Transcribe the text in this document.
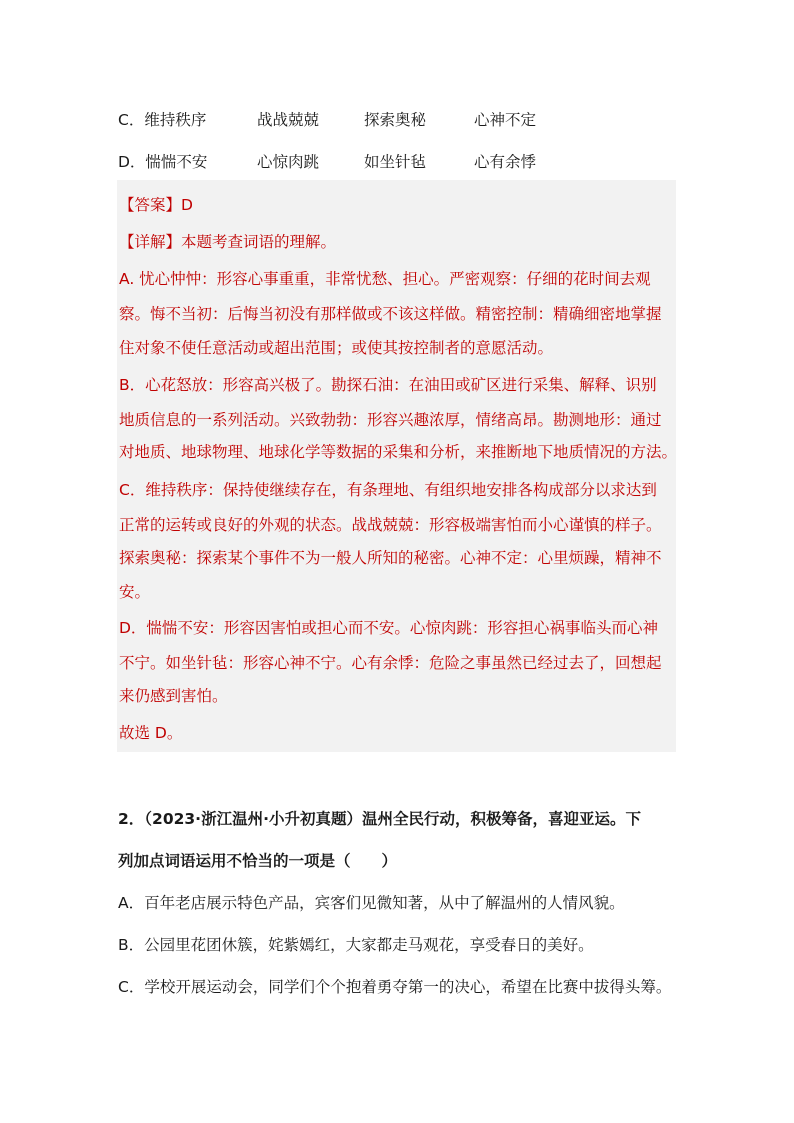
C．维持秩序	战战兢兢	探索奥秘	心神不定
D．惴惴不安	心惊肉跳	如坐针毡	心有余悸
【答案】D
【详解】本题考查词语的理解。
A. 忧心忡忡：形容心事重重，非常忧愁、担心。严密观察：仔细的花时间去观
察。悔不当初：后悔当初没有那样做或不该这样做。精密控制：精确细密地掌握
住对象不使任意活动或超出范围；或使其按控制者的意愿活动。
B．心花怒放：形容高兴极了。勘探石油：在油田或矿区进行采集、解释、识别
地质信息的一系列活动。兴致勃勃：形容兴趣浓厚，情绪高昂。勘测地形：通过
对地质、地球物理、地球化学等数据的采集和分析，来推断地下地质情况的方法。
C．维持秩序：保持使继续存在，有条理地、有组织地安排各构成部分以求达到
正常的运转或良好的外观的状态。战战兢兢：形容极端害怕而小心谨慎的样子。
探索奥秘：探索某个事件不为一般人所知的秘密。心神不定：心里烦躁，精神不
安。
D．惴惴不安：形容因害怕或担心而不安。心惊肉跳：形容担心祸事临头而心神
不宁。如坐针毡：形容心神不宁。心有余悸：危险之事虽然已经过去了，回想起
来仍感到害怕。
故选 D。
2．（2023·浙江温州·小升初真题）温州全民行动，积极筹备，喜迎亚运。下
列加点词语运用不恰当的一项是（　　）
A．百年老店展示特色产品，宾客们见微知著，从中了解温州的人情风貌。
B．公园里花团休簇，姹紫嫣红，大家都走马观花，享受春日的美好。
C．学校开展运动会，同学们个个抱着勇夺第一的决心，希望在比赛中拔得头筹。
